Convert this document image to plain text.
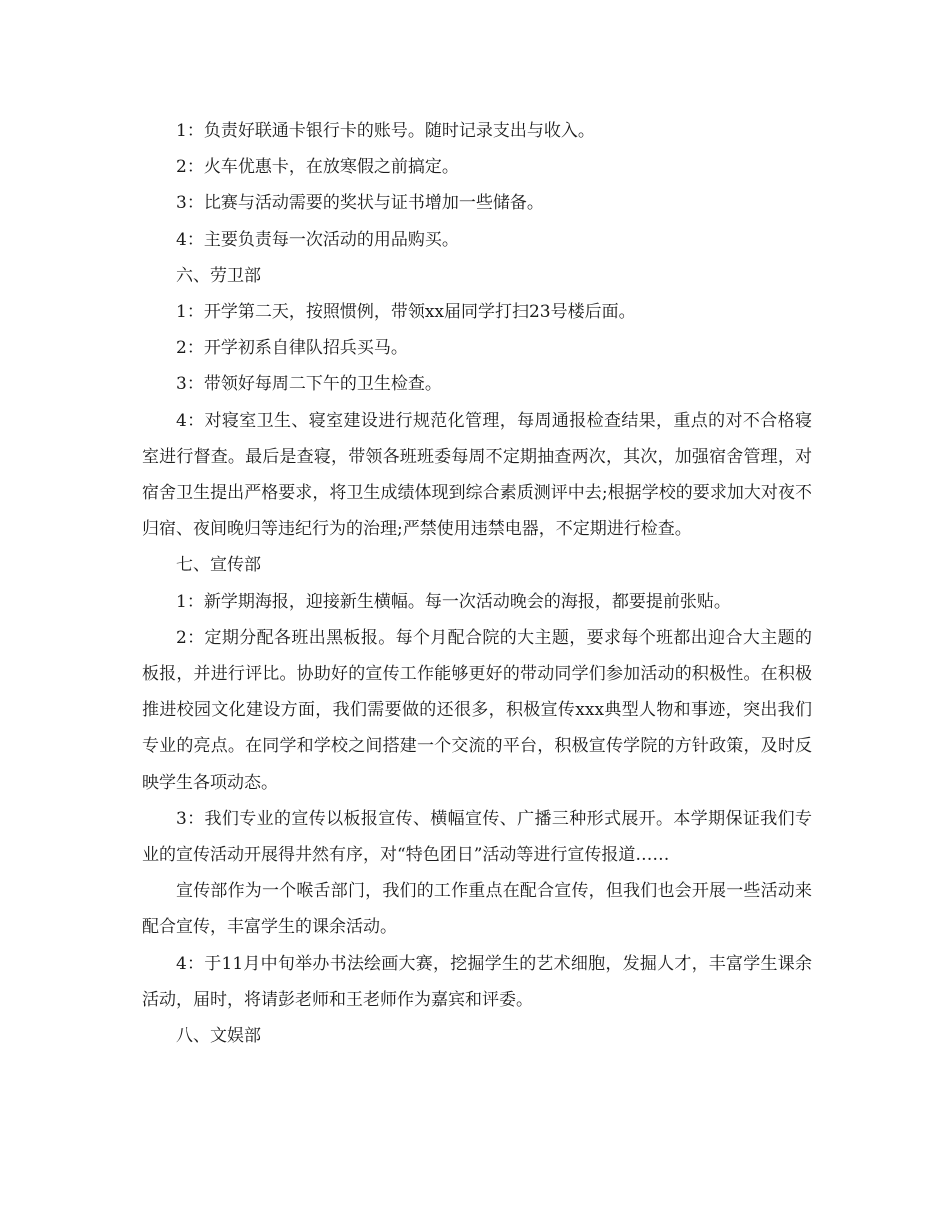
1：负责好联通卡银行卡的账号。随时记录支出与收入。

2：火车优惠卡，在放寒假之前搞定。

3：比赛与活动需要的奖状与证书增加一些储备。

4：主要负责每一次活动的用品购买。

六、劳卫部

1：开学第二天，按照惯例，带领xx届同学打扫23号楼后面。

2：开学初系自律队招兵买马。

3：带领好每周二下午的卫生检查。

4：对寝室卫生、寝室建设进行规范化管理，每周通报检查结果，重点的对不合格寝室进行督查。最后是查寝，带领各班班委每周不定期抽查两次，其次，加强宿舍管理，对宿舍卫生提出严格要求，将卫生成绩体现到综合素质测评中去;根据学校的要求加大对夜不归宿、夜间晚归等违纪行为的治理;严禁使用违禁电器，不定期进行检查。

七、宣传部

1：新学期海报，迎接新生横幅。每一次活动晚会的海报，都要提前张贴。

2：定期分配各班出黑板报。每个月配合院的大主题，要求每个班都出迎合大主题的板报，并进行评比。协助好的宣传工作能够更好的带动同学们参加活动的积极性。在积极推进校园文化建设方面，我们需要做的还很多，积极宣传xxx典型人物和事迹，突出我们专业的亮点。在同学和学校之间搭建一个交流的平台，积极宣传学院的方针政策，及时反映学生各项动态。

3：我们专业的宣传以板报宣传、横幅宣传、广播三种形式展开。本学期保证我们专业的宣传活动开展得井然有序，对“特色团日”活动等进行宣传报道……

宣传部作为一个喉舌部门，我们的工作重点在配合宣传，但我们也会开展一些活动来配合宣传，丰富学生的课余活动。

4：于11月中旬举办书法绘画大赛，挖掘学生的艺术细胞，发掘人才，丰富学生课余活动，届时，将请彭老师和王老师作为嘉宾和评委。

八、文娱部
